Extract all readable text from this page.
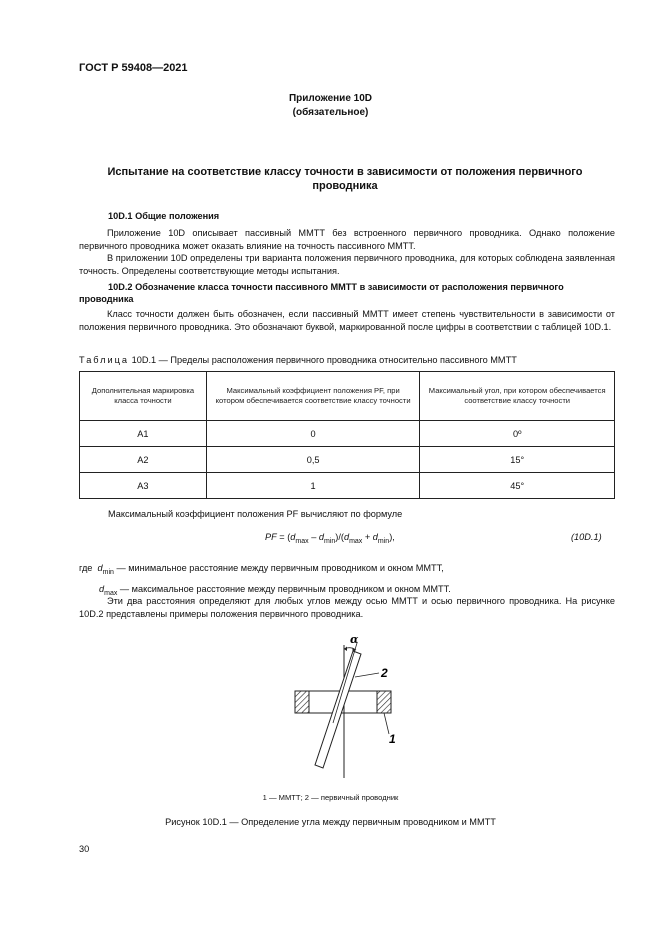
ГОСТ Р 59408—2021
Приложение 10D
(обязательное)
Испытание на соответствие классу точности в зависимости от положения первичного проводника
10D.1 Общие положения

Приложение 10D описывает пассивный ММТТ без встроенного первичного проводника. Однако положение первичного проводника может оказать влияние на точность пассивного ММТТ.

В приложении 10D определены три варианта положения первичного проводника, для которых соблюдена заявленная точность. Определены соответствующие методы испытания.

10D.2 Обозначение класса точности пассивного ММТТ в зависимости от расположения первичного проводника

Класс точности должен быть обозначен, если пассивный ММТТ имеет степень чувствительности в зависимости от положения первичного проводника. Это обозначают буквой, маркированной после цифры в соответствии с таблицей 10D.1.

Таблица 10D.1 — Пределы расположения первичного проводника относительно пассивного ММТТ
Дополнительная маркировка класса точности	Максимальный коэффициент положения PF, при котором обеспечивается соответствие классу точности	Максимальный угол, при котором обеспечивается соответствие классу точности
A1	0	0º
A2	0,5	15°
A3	1	45°
Максимальный коэффициент положения PF вычисляют по формуле
PF = $(d_{max} - d_{min})/(d_{max} + d_{min})$,	(10D.1)
где $d_{min}$ — минимальное расстояние между первичным проводником и окном ММТТ,
$d_{max}$ — максимальное расстояние между первичным проводником и окном ММТТ.

Эти два расстояния определяют для любых углов между осью ММТТ и осью первичного проводника. На рисунке 10D.2 представлены примеры положения первичного проводника.

α
2
1
1 — ММТТ; 2 — первичный проводник
Рисунок 10D.1 — Определение угла между первичным проводником и ММТТ
30
